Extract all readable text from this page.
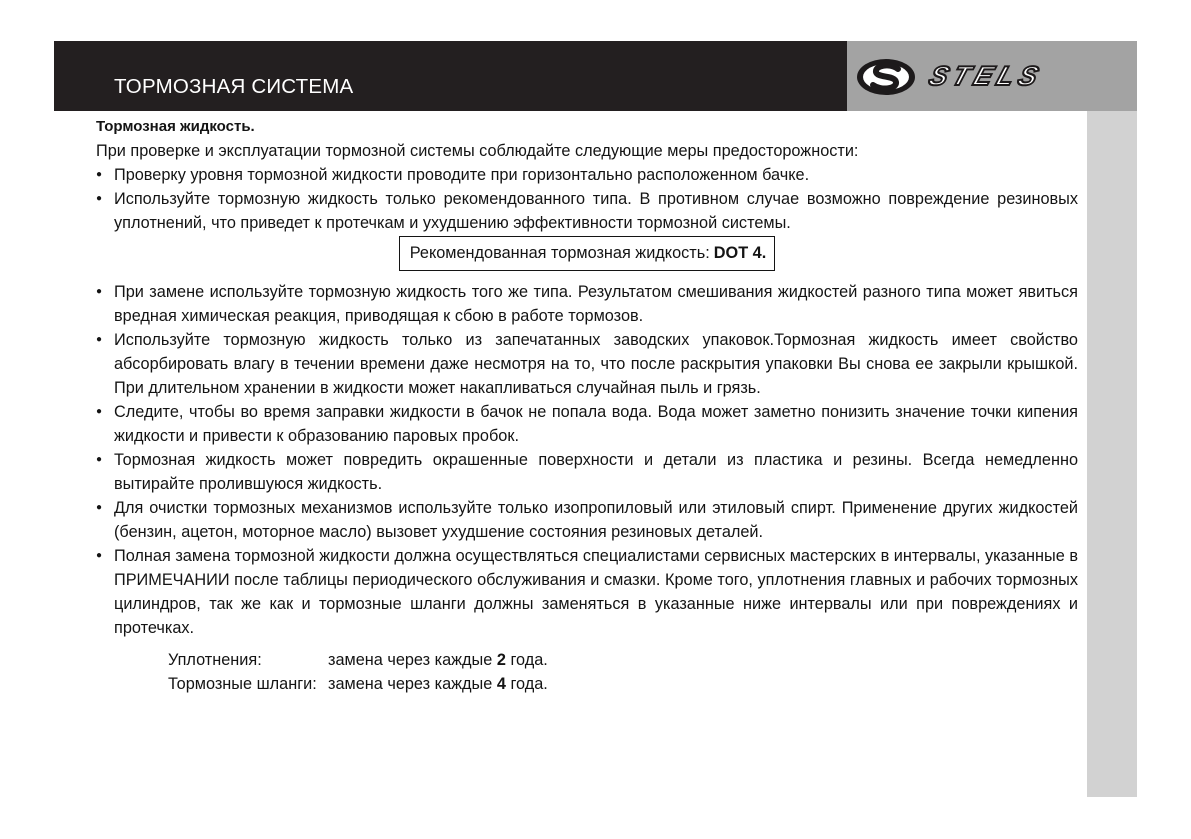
ТОРМОЗНАЯ СИСТЕМА	STELS

Тормозная жидкость.

При проверке и эксплуатации тормозной системы соблюдайте следующие меры предосторожности:

● Проверку уровня тормозной жидкости проводите при горизонтально расположенном бачке.

● Используйте тормозную жидкость только рекомендованного типа. В противном случае возможно повреждение резиновых уплотнений, что приведет к протечкам и ухудшению эффективности тормозной системы.

Рекомендованная тормозная жидкость: DOT 4.

● При замене используйте тормозную жидкость того же типа. Результатом смешивания жидкостей разного типа может явиться вредная химическая реакция, приводящая к сбою в работе тормозов.

● Используйте тормозную жидкость только из запечатанных заводских упаковок.Тормозная жидкость имеет свойство абсорбировать влагу в течении времени даже несмотря на то, что после раскрытия упаковки Вы снова ее закрыли крышкой. При длительном хранении в жидкости может накапливаться случайная пыль и грязь.

● Следите, чтобы во время заправки жидкости в бачок не попала вода. Вода может заметно понизить значение точки кипения жидкости и привести к образованию паровых пробок.

● Тормозная жидкость может повредить окрашенные поверхности и детали из пластика и резины. Всегда немедленно вытирайте пролившуюся жидкость.

● Для очистки тормозных механизмов используйте только изопропиловый или этиловый спирт. Применение других жидкостей (бензин, ацетон, моторное масло) вызовет ухудшение состояния резиновых деталей.

● Полная замена тормозной жидкости должна осуществляться специалистами сервисных мастерских в интервалы, указанные в ПРИМЕЧАНИИ после таблицы периодического обслуживания и смазки. Кроме того, уплотнения главных и рабочих тормозных цилиндров, так же как и тормозные шланги должны заменяться в указанные ниже интервалы или при повреждениях и протечках.

Уплотнения:	замена через каждые 2 года.
Тормозные шланги: замена через каждые 4 года.
